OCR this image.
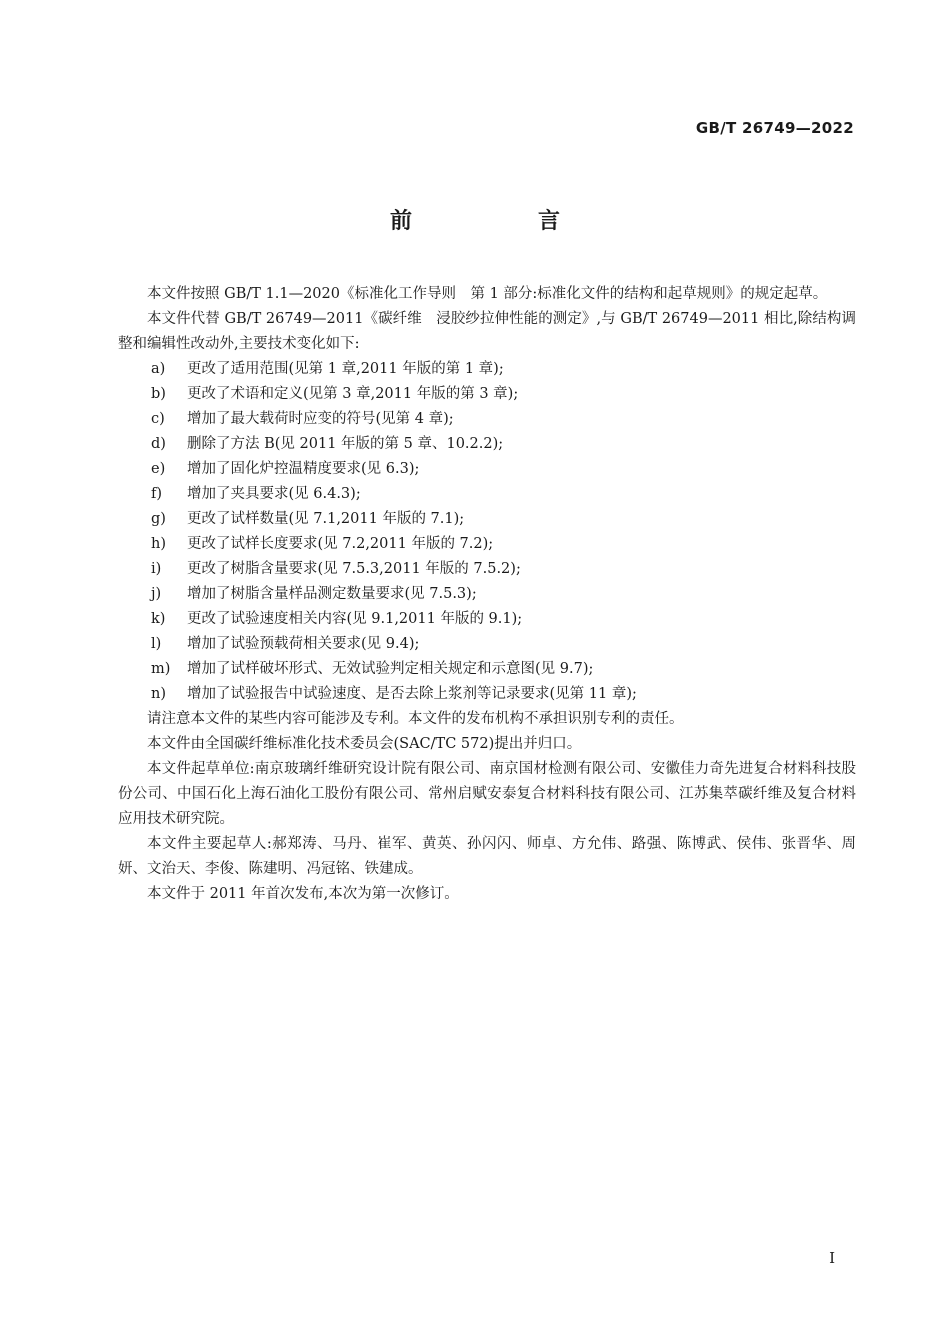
GB/T 26749—2022
前　言

本文件按照 GB/T 1.1—2020《标准化工作导则　第 1 部分:标准化文件的结构和起草规则》的规定起草。

本文件代替 GB/T 26749—2011《碳纤维　浸胶纱拉伸性能的测定》,与 GB/T 26749—2011 相比,除结构调整和编辑性改动外,主要技术变化如下:

a) 更改了适用范围(见第 1 章,2011 年版的第 1 章);

b) 更改了术语和定义(见第 3 章,2011 年版的第 3 章);

c) 增加了最大载荷时应变的符号(见第 4 章);

d) 删除了方法 B(见 2011 年版的第 5 章、10.2.2);

e) 增加了固化炉控温精度要求(见 6.3);

f) 增加了夹具要求(见 6.4.3);

g) 更改了试样数量(见 7.1,2011 年版的 7.1);

h) 更改了试样长度要求(见 7.2,2011 年版的 7.2);

i) 更改了树脂含量要求(见 7.5.3,2011 年版的 7.5.2);

j) 增加了树脂含量样品测定数量要求(见 7.5.3);

k) 更改了试验速度相关内容(见 9.1,2011 年版的 9.1);

l) 增加了试验预载荷相关要求(见 9.4);

m) 增加了试样破坏形式、无效试验判定相关规定和示意图(见 9.7);

n) 增加了试验报告中试验速度、是否去除上浆剂等记录要求(见第 11 章);

请注意本文件的某些内容可能涉及专利。本文件的发布机构不承担识别专利的责任。

本文件由全国碳纤维标准化技术委员会(SAC/TC 572)提出并归口。

本文件起草单位:南京玻璃纤维研究设计院有限公司、南京国材检测有限公司、安徽佳力奇先进复合材料科技股份公司、中国石化上海石油化工股份有限公司、常州启赋安泰复合材料科技有限公司、江苏集萃碳纤维及复合材料应用技术研究院。

本文件主要起草人:郝郑涛、马丹、崔军、黄英、孙闪闪、师卓、方允伟、路强、陈博武、侯伟、张晋华、周妍、文治天、李俊、陈建明、冯冠铭、铁建成。

本文件于 2011 年首次发布,本次为第一次修订。

I
